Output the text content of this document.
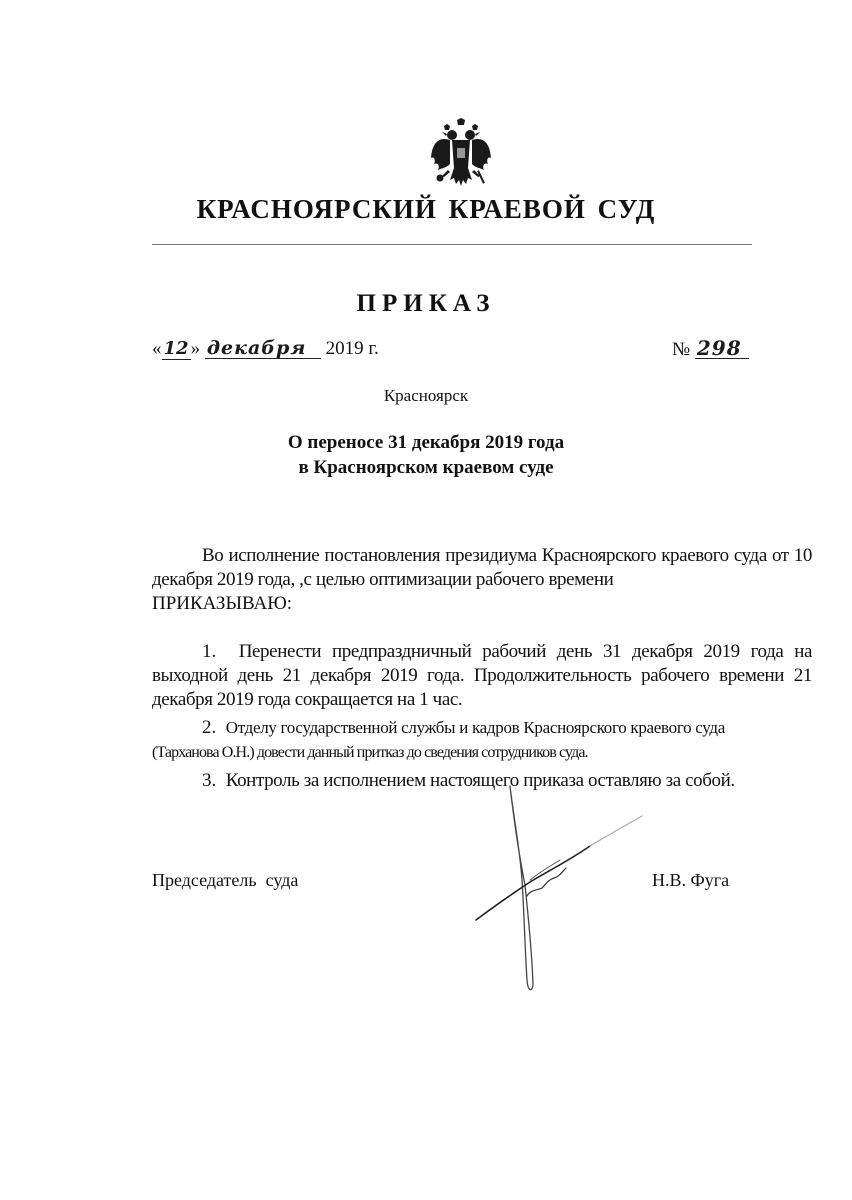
КРАСНОЯРСКИЙ КРАЕВОЙ СУД
ПРИКАЗ
« 12 » декабря 2019 г.	№ 298
Красноярск
О переносе 31 декабря 2019 года
в Красноярском краевом суде
Во исполнение постановления президиума Красноярского краевого суда от 10 декабря 2019 года, ,с целью оптимизации рабочего времени
ПРИКАЗЫВАЮ:

1. Перенести предпраздничный рабочий день 31 декабря 2019 года на выходной день 21 декабря 2019 года. Продолжительность рабочего времени 21 декабря 2019 года сокращается на 1 час.

2. Отделу государственной службы и кадров Красноярского краевого суда

(Тарханова О.Н.) довести данный притказ до сведения сотрудников суда.

3. Контроль за исполнением настоящего приказа оставляю за собой.

Председатель  суда	Н.В. Фуга
